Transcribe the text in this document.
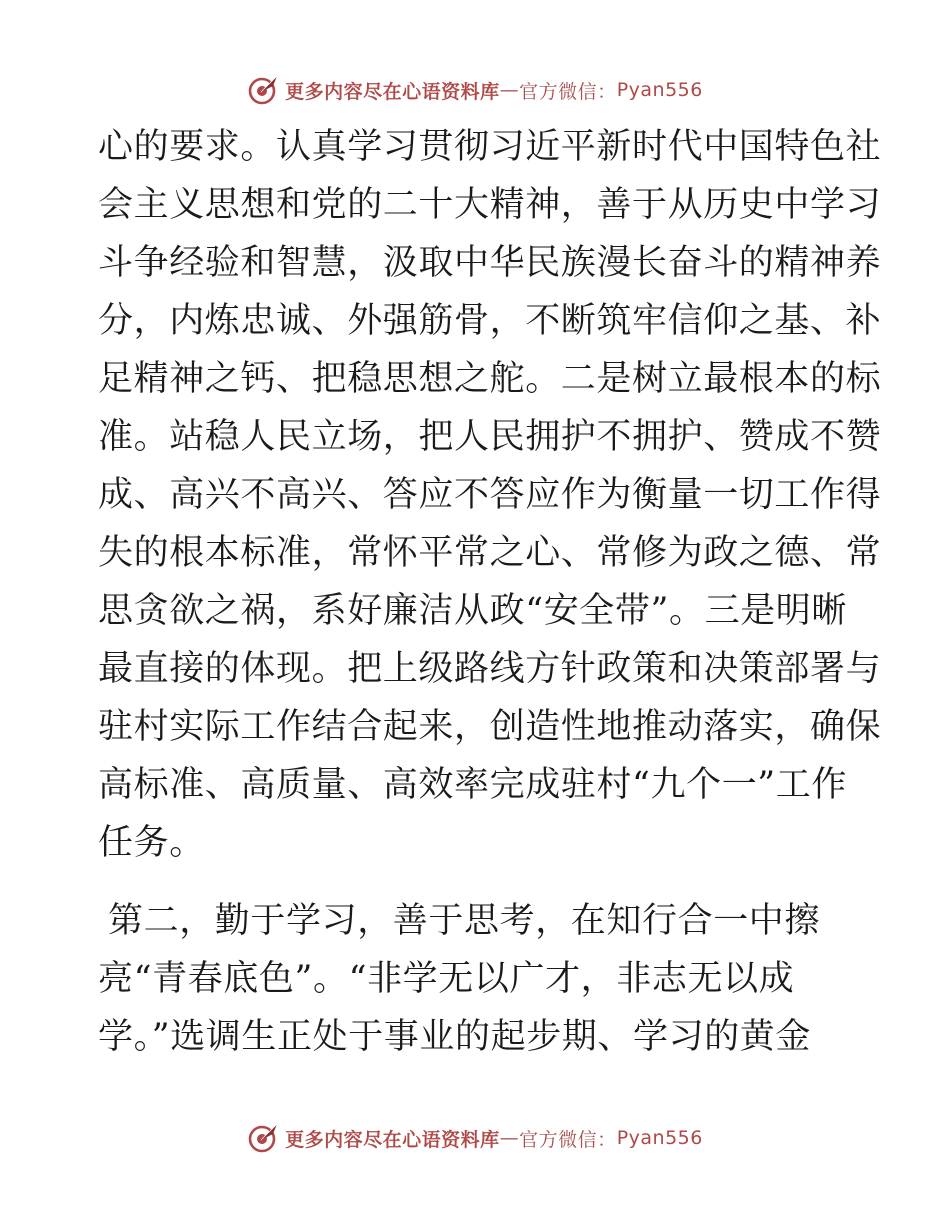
更多内容尽在心语资料库 — 官方微信： Pyan556
心的要求。认真学习贯彻习近平新时代中国特色社
会主义思想和党的二十大精神，善于从历史中学习
斗争经验和智慧，汲取中华民族漫长奋斗的精神养
分，内炼忠诚、外强筋骨，不断筑牢信仰之基、补
足精神之钙、把稳思想之舵。二是树立最根本的标
准。站稳人民立场，把人民拥护不拥护、赞成不赞
成、高兴不高兴、答应不答应作为衡量一切工作得
失的根本标准，常怀平常之心、常修为政之德、常
思贪欲之祸，系好廉洁从政“安全带”。三是明晰
最直接的体现。把上级路线方针政策和决策部署与
驻村实际工作结合起来，创造性地推动落实，确保
高标准、高质量、高效率完成驻村“九个一”工作
任务。
第二，勤于学习，善于思考，在知行合一中擦
亮“青春底色”。“非学无以广才，非志无以成
学。”选调生正处于事业的起步期、学习的黄金
更多内容尽在心语资料库 — 官方微信： Pyan556
